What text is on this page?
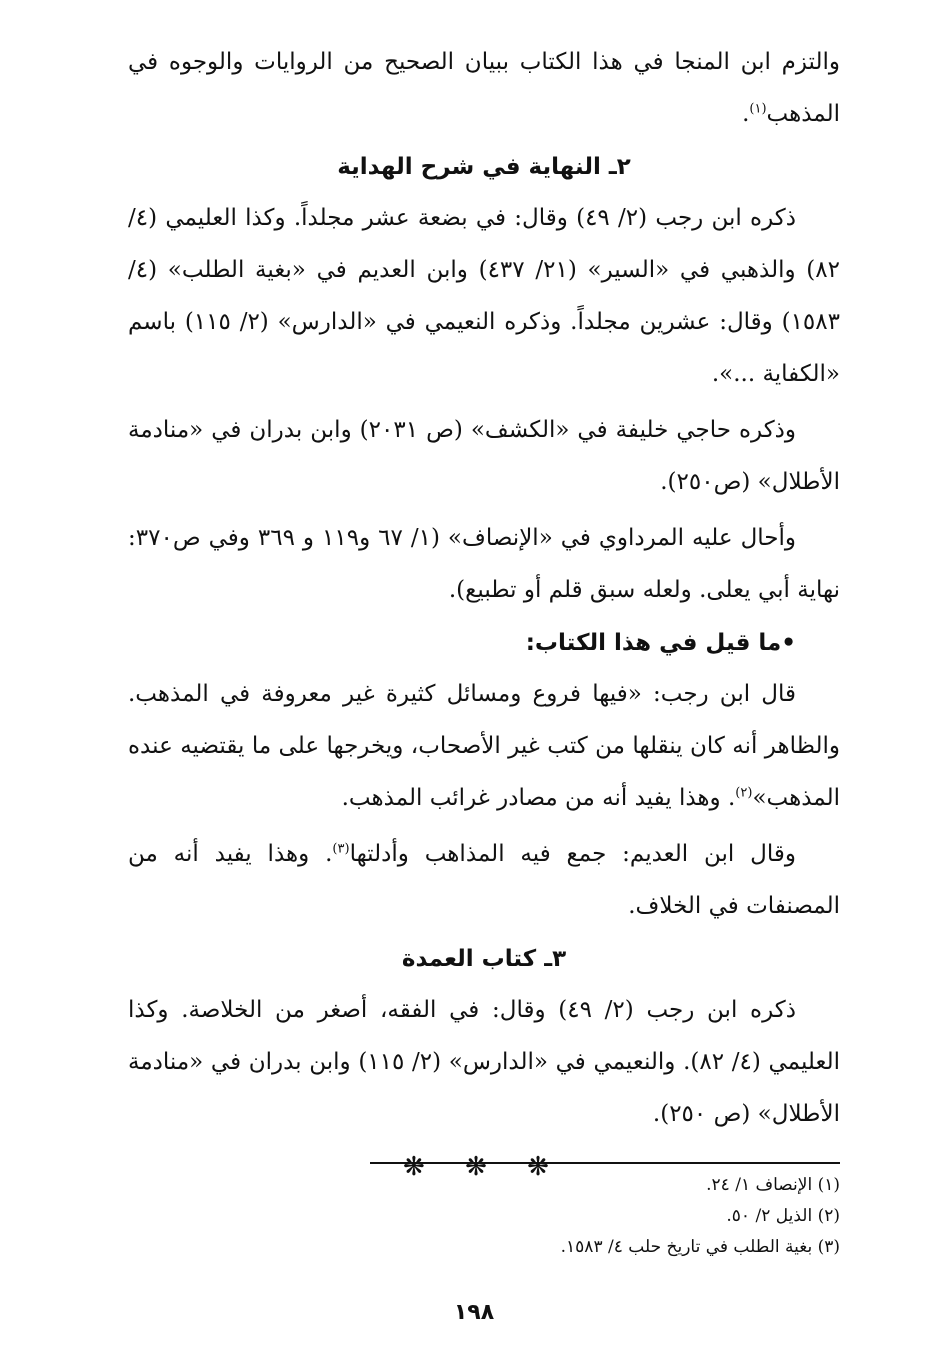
والتزم ابن المنجا في هذا الكتاب ببيان الصحيح من الروايات والوجوه في المذهب$^{(١)}$.

٢ـ النهاية في شرح الهداية

ذكره ابن رجب (٢/ ٤٩) وقال: في بضعة عشر مجلداً. وكذا العليمي (٤/ ٨٢) والذهبي في «السير» (٢١/ ٤٣٧) وابن العديم في «بغية الطلب» (٤/ ١٥٨٣) وقال: عشرين مجلداً. وذكره النعيمي في «الدارس» (٢/ ١١٥) باسم «الكفاية ...».

وذكره حاجي خليفة في «الكشف» (ص ٢٠٣١) وابن بدران في «منادمة الأطلال» (ص٢٥٠).

وأحال عليه المرداوي في «الإنصاف» (١/ ٦٧ و١١٩ و ٣٦٩ وفي ص٣٧٠: نهاية أبي يعلى. ولعله سبق قلم أو تطبيع).

•ما قيل في هذا الكتاب:

قال ابن رجب: «فيها فروع ومسائل كثيرة غير معروفة في المذهب. والظاهر أنه كان ينقلها من كتب غير الأصحاب، ويخرجها على ما يقتضيه عنده المذهب»$^{(٢)}$. وهذا يفيد أنه من مصادر غرائب المذهب.

وقال ابن العديم: جمع فيه المذاهب وأدلتها$^{(٣)}$. وهذا يفيد أنه من المصنفات في الخلاف.

٣ـ كتاب العمدة

ذكره ابن رجب (٢/ ٤٩) وقال: في الفقه، أصغر من الخلاصة. وكذا العليمي (٤/ ٨٢). والنعيمي في «الدارس» (٢/ ١١٥) وابن بدران في «منادمة الأطلال» (ص ٢٥٠).

❋ ❋ ❋
(١) الإنصاف ١/ ٢٤.
(٢) الذيل ٢/ ٥٠.
(٣) بغية الطلب في تاريخ حلب ٤/ ١٥٨٣.
١٩٨
